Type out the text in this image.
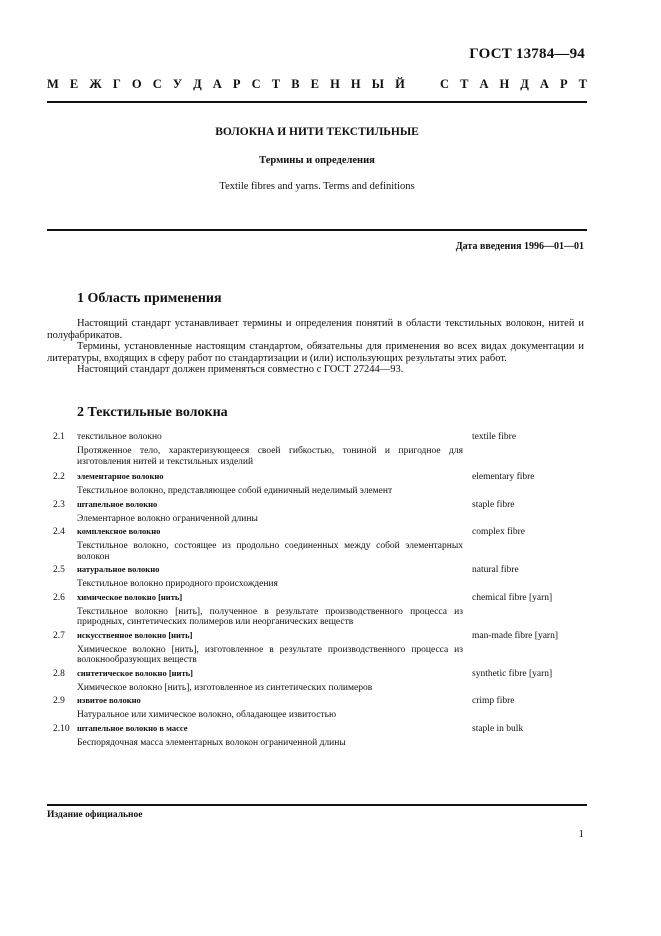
ГОСТ 13784—94
М Е Ж Г О С У Д А Р С Т В Е Н Н Ы Й	С Т А Н Д А Р Т
ВОЛОКНА И НИТИ ТЕКСТИЛЬНЫЕ
Термины и определения
Textile fibres and yarns. Terms and definitions
Дата введения 1996—01—01
1 Область применения

Настоящий стандарт устанавливает термины и определения понятий в области текстильных волокон, нитей и полуфабрикатов.

Термины, установленные настоящим стандартом, обязательны для применения во всех видах документации и литературы, входящих в сферу работ по стандартизации и (или) использующих результаты этих работ.

Настоящий стандарт должен применяться совместно с ГОСТ 27244—93.

2 Текстильные волокна
2.1	текстильное волокно	textile fibre
Протяженное тело, характеризующееся своей гибкостью, тониной и пригодное для изготовления нитей и текстильных изделий
2.2	элементарное волокно	elementary fibre
Текстильное волокно, представляющее собой единичный неделимый элемент
2.3	штапельное волокно	staple fibre
Элементарное волокно ограниченной длины
2.4	комплексное волокно	complex fibre
Текстильное волокно, состоящее из продольно соединенных между собой элементарных волокон
2.5	натуральное волокно	natural fibre
Текстильное волокно природного происхождения
2.6	химическое волокно [нить]	chemical fibre [yarn]
Текстильное волокно [нить], полученное в результате производственного процесса из природных, синтетических полимеров или неорганических веществ
2.7	искусственное волокно [нить]	man-made fibre [yarn]
Химическое волокно [нить], изготовленное в результате производственного процесса из волокнообразующих веществ
2.8	синтетическое волокно [нить]	synthetic fibre [yarn]
Химическое волокно [нить], изготовленное из синтетических полимеров
2.9	извитое волокно	crimp fibre
Натуральное или химическое волокно, обладающее извитостью
2.10 штапельное волокно в массе	staple in bulk
Беспорядочная масса элементарных волокон ограниченной длины
Издание официальное
1
